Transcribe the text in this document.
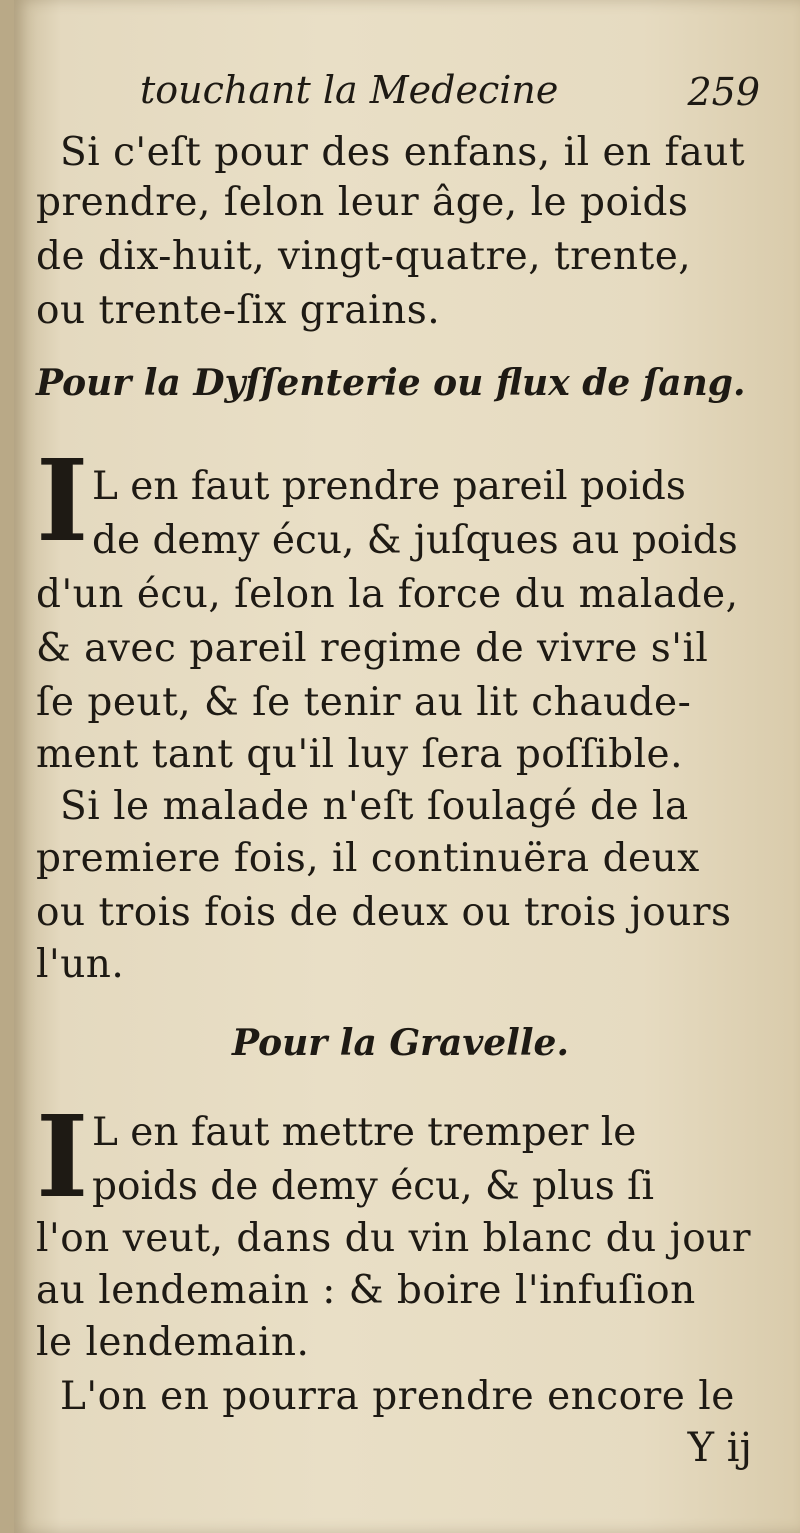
touchant la Medecine	259
Si c'eſt pour des enfans, il en faut
prendre, ſelon leur âge, le poids
de dix-huit, vingt-quatre, trente,
ou trente-ſix grains.
Pour la Dyſſenterie ou flux de ſang.
I L en faut prendre pareil poids
de demy écu, & juſques au poids
d'un écu, ſelon la force du malade,
& avec pareil regime de vivre s'il
ſe peut, & ſe tenir au lit chaude-
ment tant qu'il luy ſera poſſible.
Si le malade n'eſt ſoulagé de la
premiere fois, il continuëra deux
ou trois fois de deux ou trois jours
l'un.
Pour la Gravelle.
I L en faut mettre tremper le
poids de demy écu, & plus ſi
l'on veut, dans du vin blanc du jour
au lendemain : & boire l'infuſion
le lendemain.
L'on en pourra prendre encore le
Y ij
